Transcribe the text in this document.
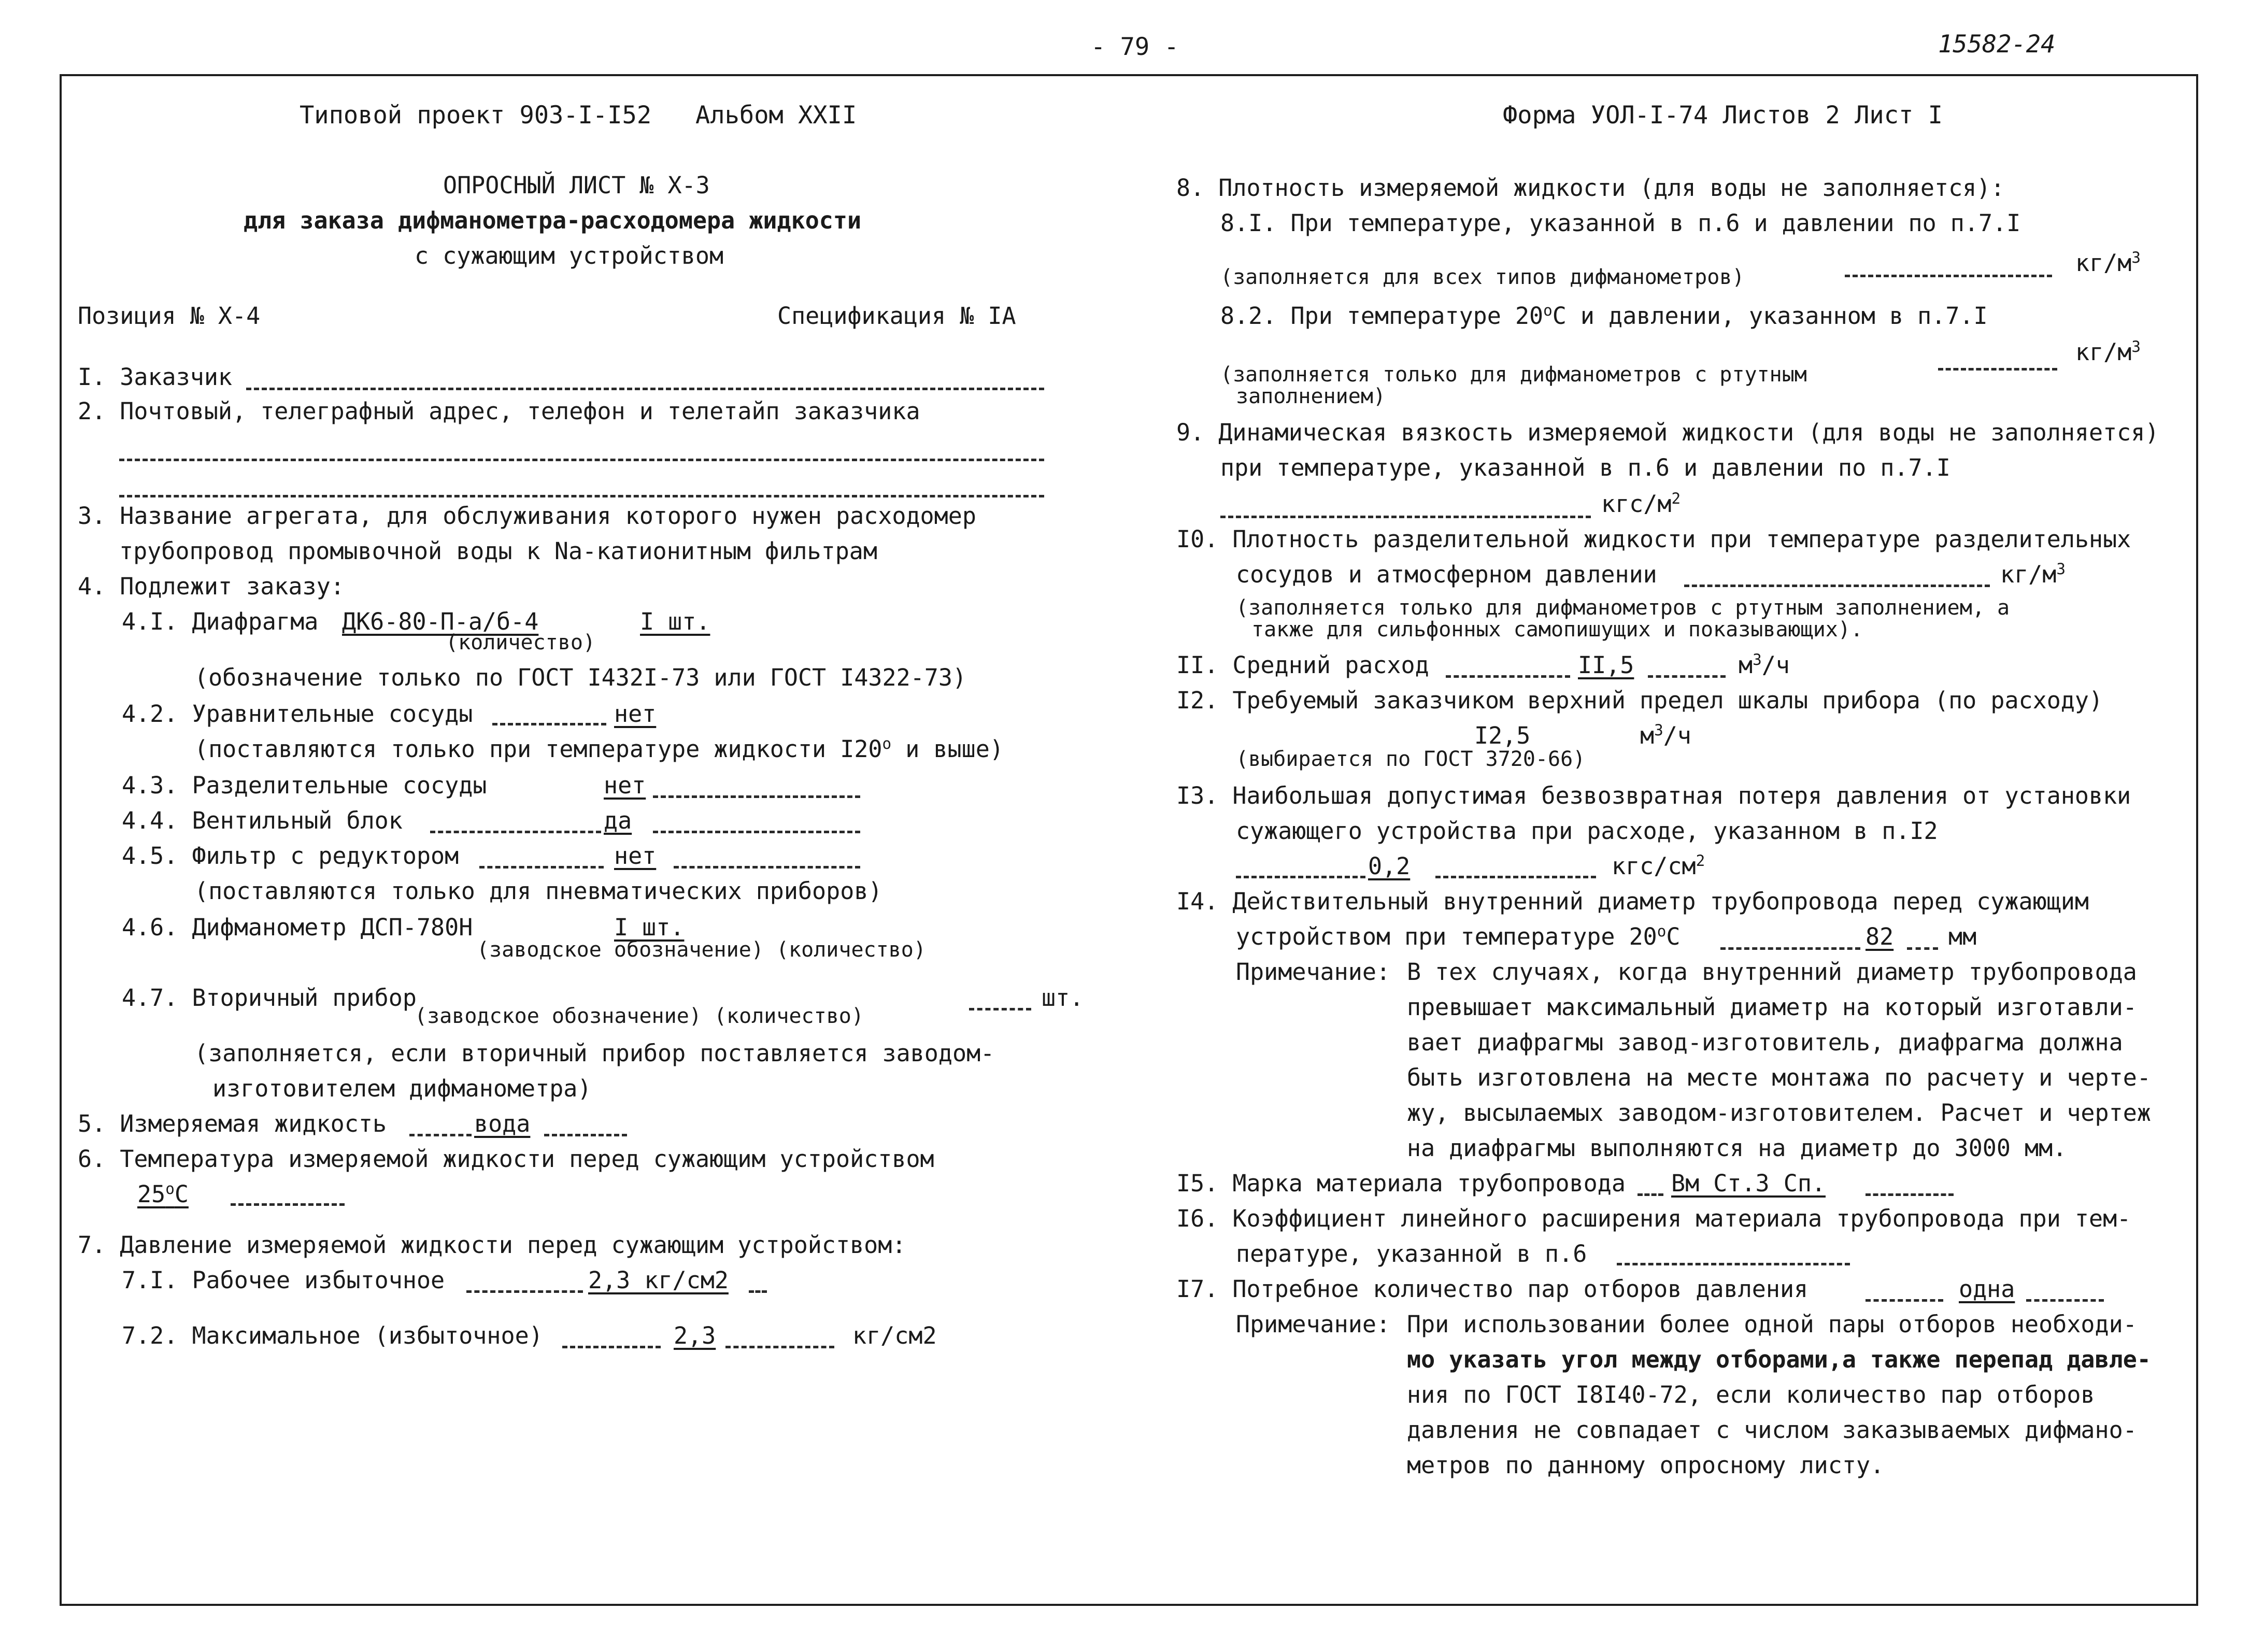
- 79 -	15582-24
Типовой проект 903-I-I52   Альбом XXII	Форма УОЛ-I-74 Листов 2 Лист I
ОПРОСНЫЙ ЛИСТ № X-3
для заказа дифманометра-расходомера жидкости
с сужающим устройством
Позиция № X-4	Спецификация № IА
I. Заказчик
2. Почтовый, телеграфный адрес, телефон и телетайп заказчика
3. Название агрегата, для обслуживания которого нужен расходомер
трубопровод промывочной воды к Nа-катионитным фильтрам
4. Подлежит заказу:
4.I. Диафрагма ДК6-80-П-а/б-4	I шт.
(количество)
(обозначение только по ГОСТ I432I-73 или ГОСТ I4322-73)
4.2. Уравнительные сосуды	нет
(поставляются только при температуре жидкости $I20^о$ и выше)
4.3. Разделительные сосуды	нет
4.4. Вентильный блок	да
4.5. Фильтр с редуктором	нет
(поставляются только для пневматических приборов)
4.6. Дифманометр ДСП-780Н	I шт.
(заводское обозначение) (количество)
4.7. Вторичный прибор
(заводское обозначение) (количество)
шт.
(заполняется, если вторичный прибор поставляется заводом-
изготовителем дифманометра)
5. Измеряемая жидкость	вода
6. Температура измеряемой жидкости перед сужающим устройством
$25^оС$
7. Давление измеряемой жидкости перед сужающим устройством:
7.I. Рабочее избыточное	2,3 кг/см2
7.2. Максимальное (избыточное)	2,3	кг/см2
8. Плотность измеряемой жидкости (для воды не заполняется):
8.I. При температуре, указанной в п.6 и давлении по п.7.I
(заполняется для всех типов дифманометров)
$кг/м^3$
8.2. При температуре $20^оС$ и давлении, указанном в п.7.I
(заполняется только для дифманометров с ртутным
заполнением)
$кг/м^3$
9. Динамическая вязкость измеряемой жидкости (для воды не заполняется)
при температуре, указанной в п.6 и давлении по п.7.I
кгс/$м^2$
I0. Плотность разделительной жидкости при температуре разделительных
сосудов и атмосферном давлении	$кг/м^3$
(заполняется только для дифманометров с ртутным заполнением, а
также для сильфонных самопишущих и показывающих).
II. Средний расход	II,5	$м^3/ч$
I2. Требуемый заказчиком верхний предел шкалы прибора (по расходу)
I2,5	$м^3/ч$
(выбирается по ГОСТ 3720-66)
I3. Наибольшая допустимая безвозвратная потеря давления от установки
сужающего устройства при расходе, указанном в п.I2
0,2	кгс/$см^2$
I4. Действительный внутренний диаметр трубопровода перед сужающим
устройством при температуре $20^оС$	82 мм
Примечание: В тех случаях, когда внутренний диаметр трубопровода
превышает максимальный диаметр на который изготавли-
вает диафрагмы завод-изготовитель, диафрагма должна
быть изготовлена на месте монтажа по расчету и черте-
жу, высылаемых заводом-изготовителем. Расчет и чертеж
на диафрагмы выполняются на диаметр до 3000 мм.
I5. Марка материала трубопровода Вм Ст.3 Сп.
I6. Коэффициент линейного расширения материала трубопровода при тем-
пературе, указанной в п.6
I7. Потребное количество пар отборов давления	одна
Примечание: При использовании более одной пары отборов необходи-
мо указать угол между отборами,а также перепад давле-
ния по ГОСТ I8I40-72, если количество пар отборов
давления не совпадает с числом заказываемых дифмано-
метров по данному опросному листу.
